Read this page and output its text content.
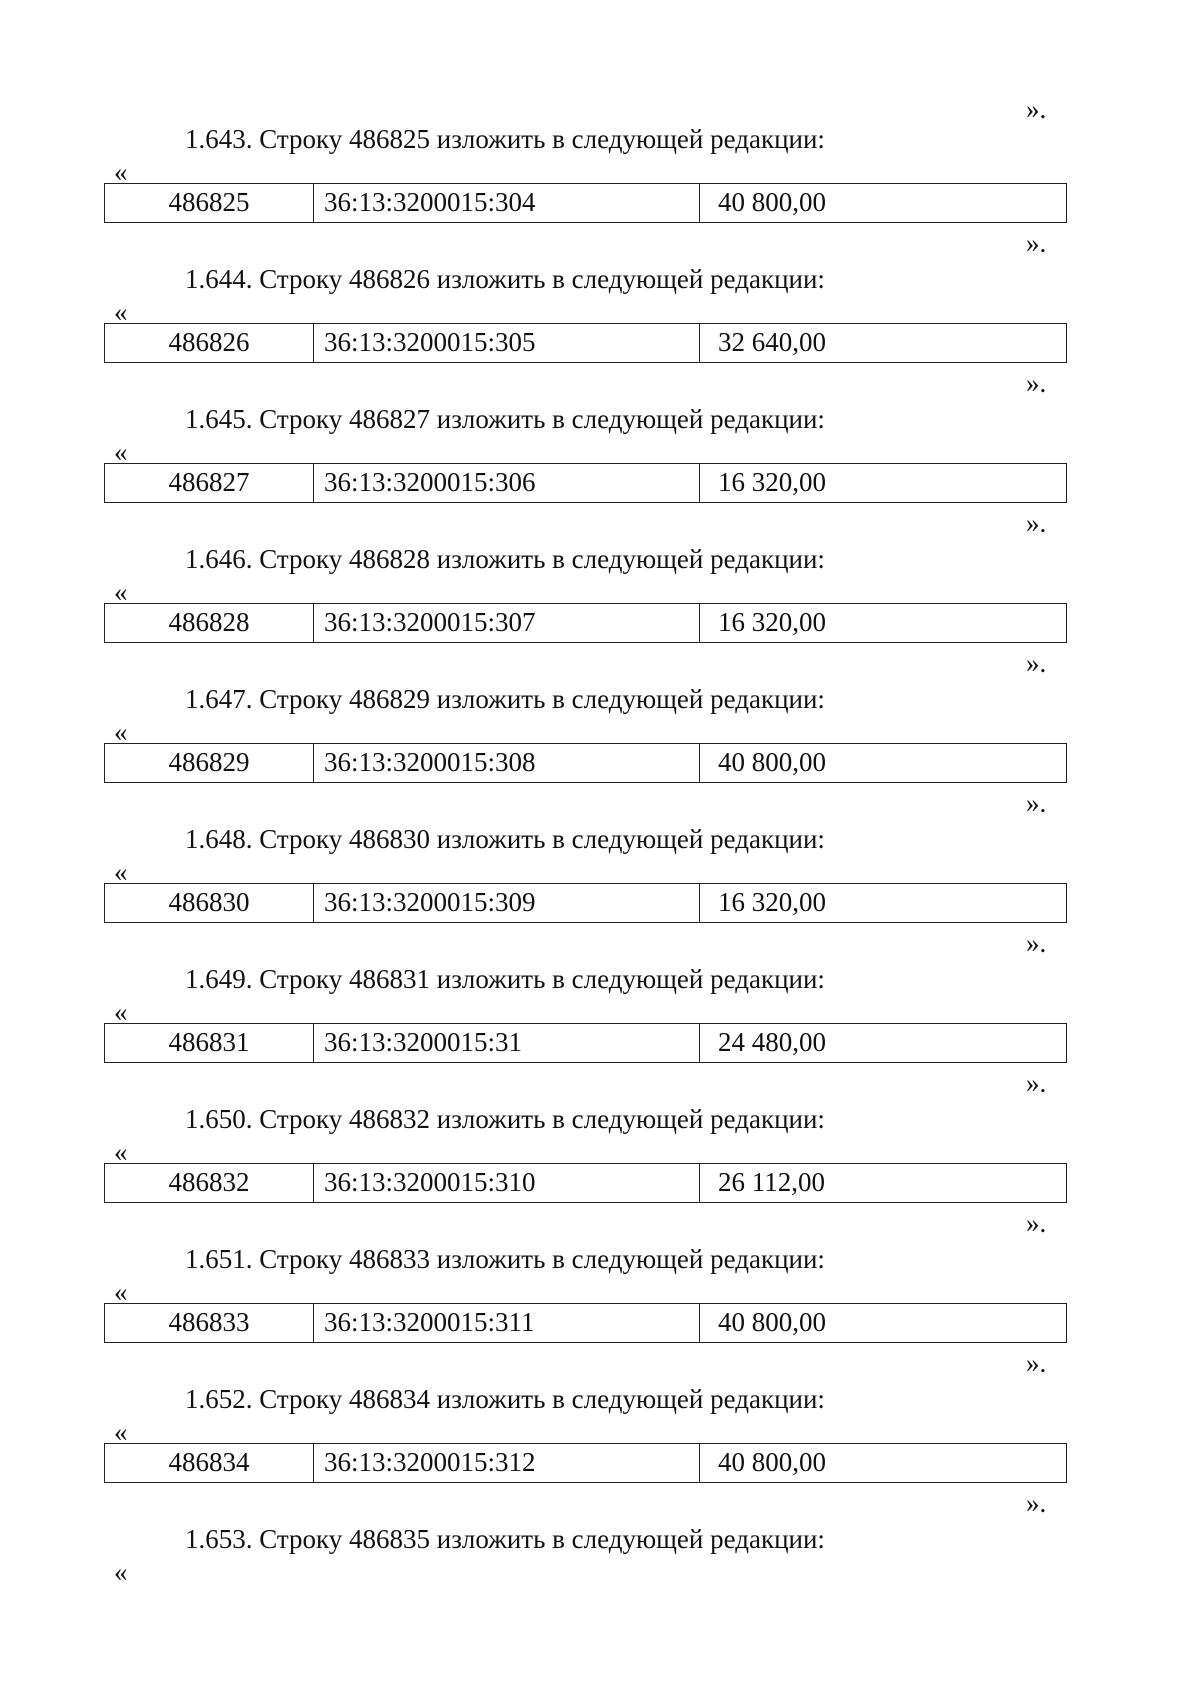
».
1.643. Строку 486825 изложить в следующей редакции:
«
486825	36:13:3200015:304	40 800,00
».
1.644. Строку 486826 изложить в следующей редакции:
«
486826	36:13:3200015:305	32 640,00
».
1.645. Строку 486827 изложить в следующей редакции:
«
486827	36:13:3200015:306	16 320,00
».
1.646. Строку 486828 изложить в следующей редакции:
«
486828	36:13:3200015:307	16 320,00
».
1.647. Строку 486829 изложить в следующей редакции:
«
486829	36:13:3200015:308	40 800,00
».
1.648. Строку 486830 изложить в следующей редакции:
«
486830	36:13:3200015:309	16 320,00
».
1.649. Строку 486831 изложить в следующей редакции:
«
486831	36:13:3200015:31	24 480,00
».
1.650. Строку 486832 изложить в следующей редакции:
«
486832	36:13:3200015:310	26 112,00
».
1.651. Строку 486833 изложить в следующей редакции:
«
486833	36:13:3200015:311	40 800,00
».
1.652. Строку 486834 изложить в следующей редакции:
«
486834	36:13:3200015:312	40 800,00
».
1.653. Строку 486835 изложить в следующей редакции:
«
